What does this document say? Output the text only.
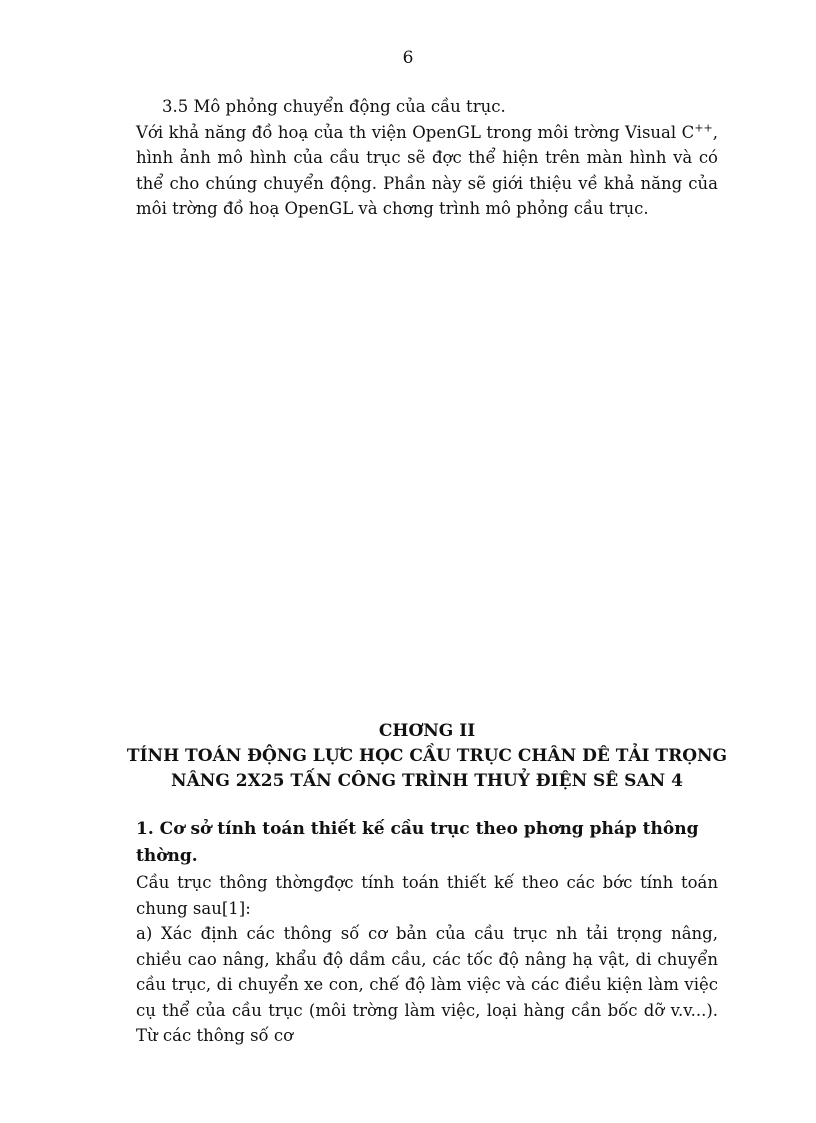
6

3.5 Mô phỏng chuyển động của cầu trục.

Với khả năng đồ hoạ của th viện OpenGL trong môi trờng Visual C++, hình ảnh mô hình của cầu trục sẽ đợc thể hiện trên màn hình và có thể cho chúng chuyển động. Phần này sẽ giới thiệu về khả năng của môi trờng đồ hoạ OpenGL và chơng trình mô phỏng cầu trục.

CHƠNG II
TÍNH TOÁN ĐỘNG LỰC HỌC CẦU TRỤC CHÂN DÊ TẢI TRỌNG
NÂNG 2X25 TẤN CÔNG TRÌNH THUỶ ĐIỆN SÊ SAN 4

1. Cơ sở tính toán thiết kế cầu trục theo phơng pháp thông thờng.

Cầu trục thông thờngđợc tính toán thiết kế theo các bớc tính toán chung sau[1]:

a) Xác định các thông số cơ bản của cầu trục nh tải trọng nâng, chiều cao nâng, khẩu độ dầm cầu, các tốc độ nâng hạ vật, di chuyển cầu trục, di chuyển xe con, chế độ làm việc và các điều kiện làm việc cụ thể của cầu trục (môi trờng làm việc, loại hàng cần bốc dỡ v.v...). Từ các thông số cơ
